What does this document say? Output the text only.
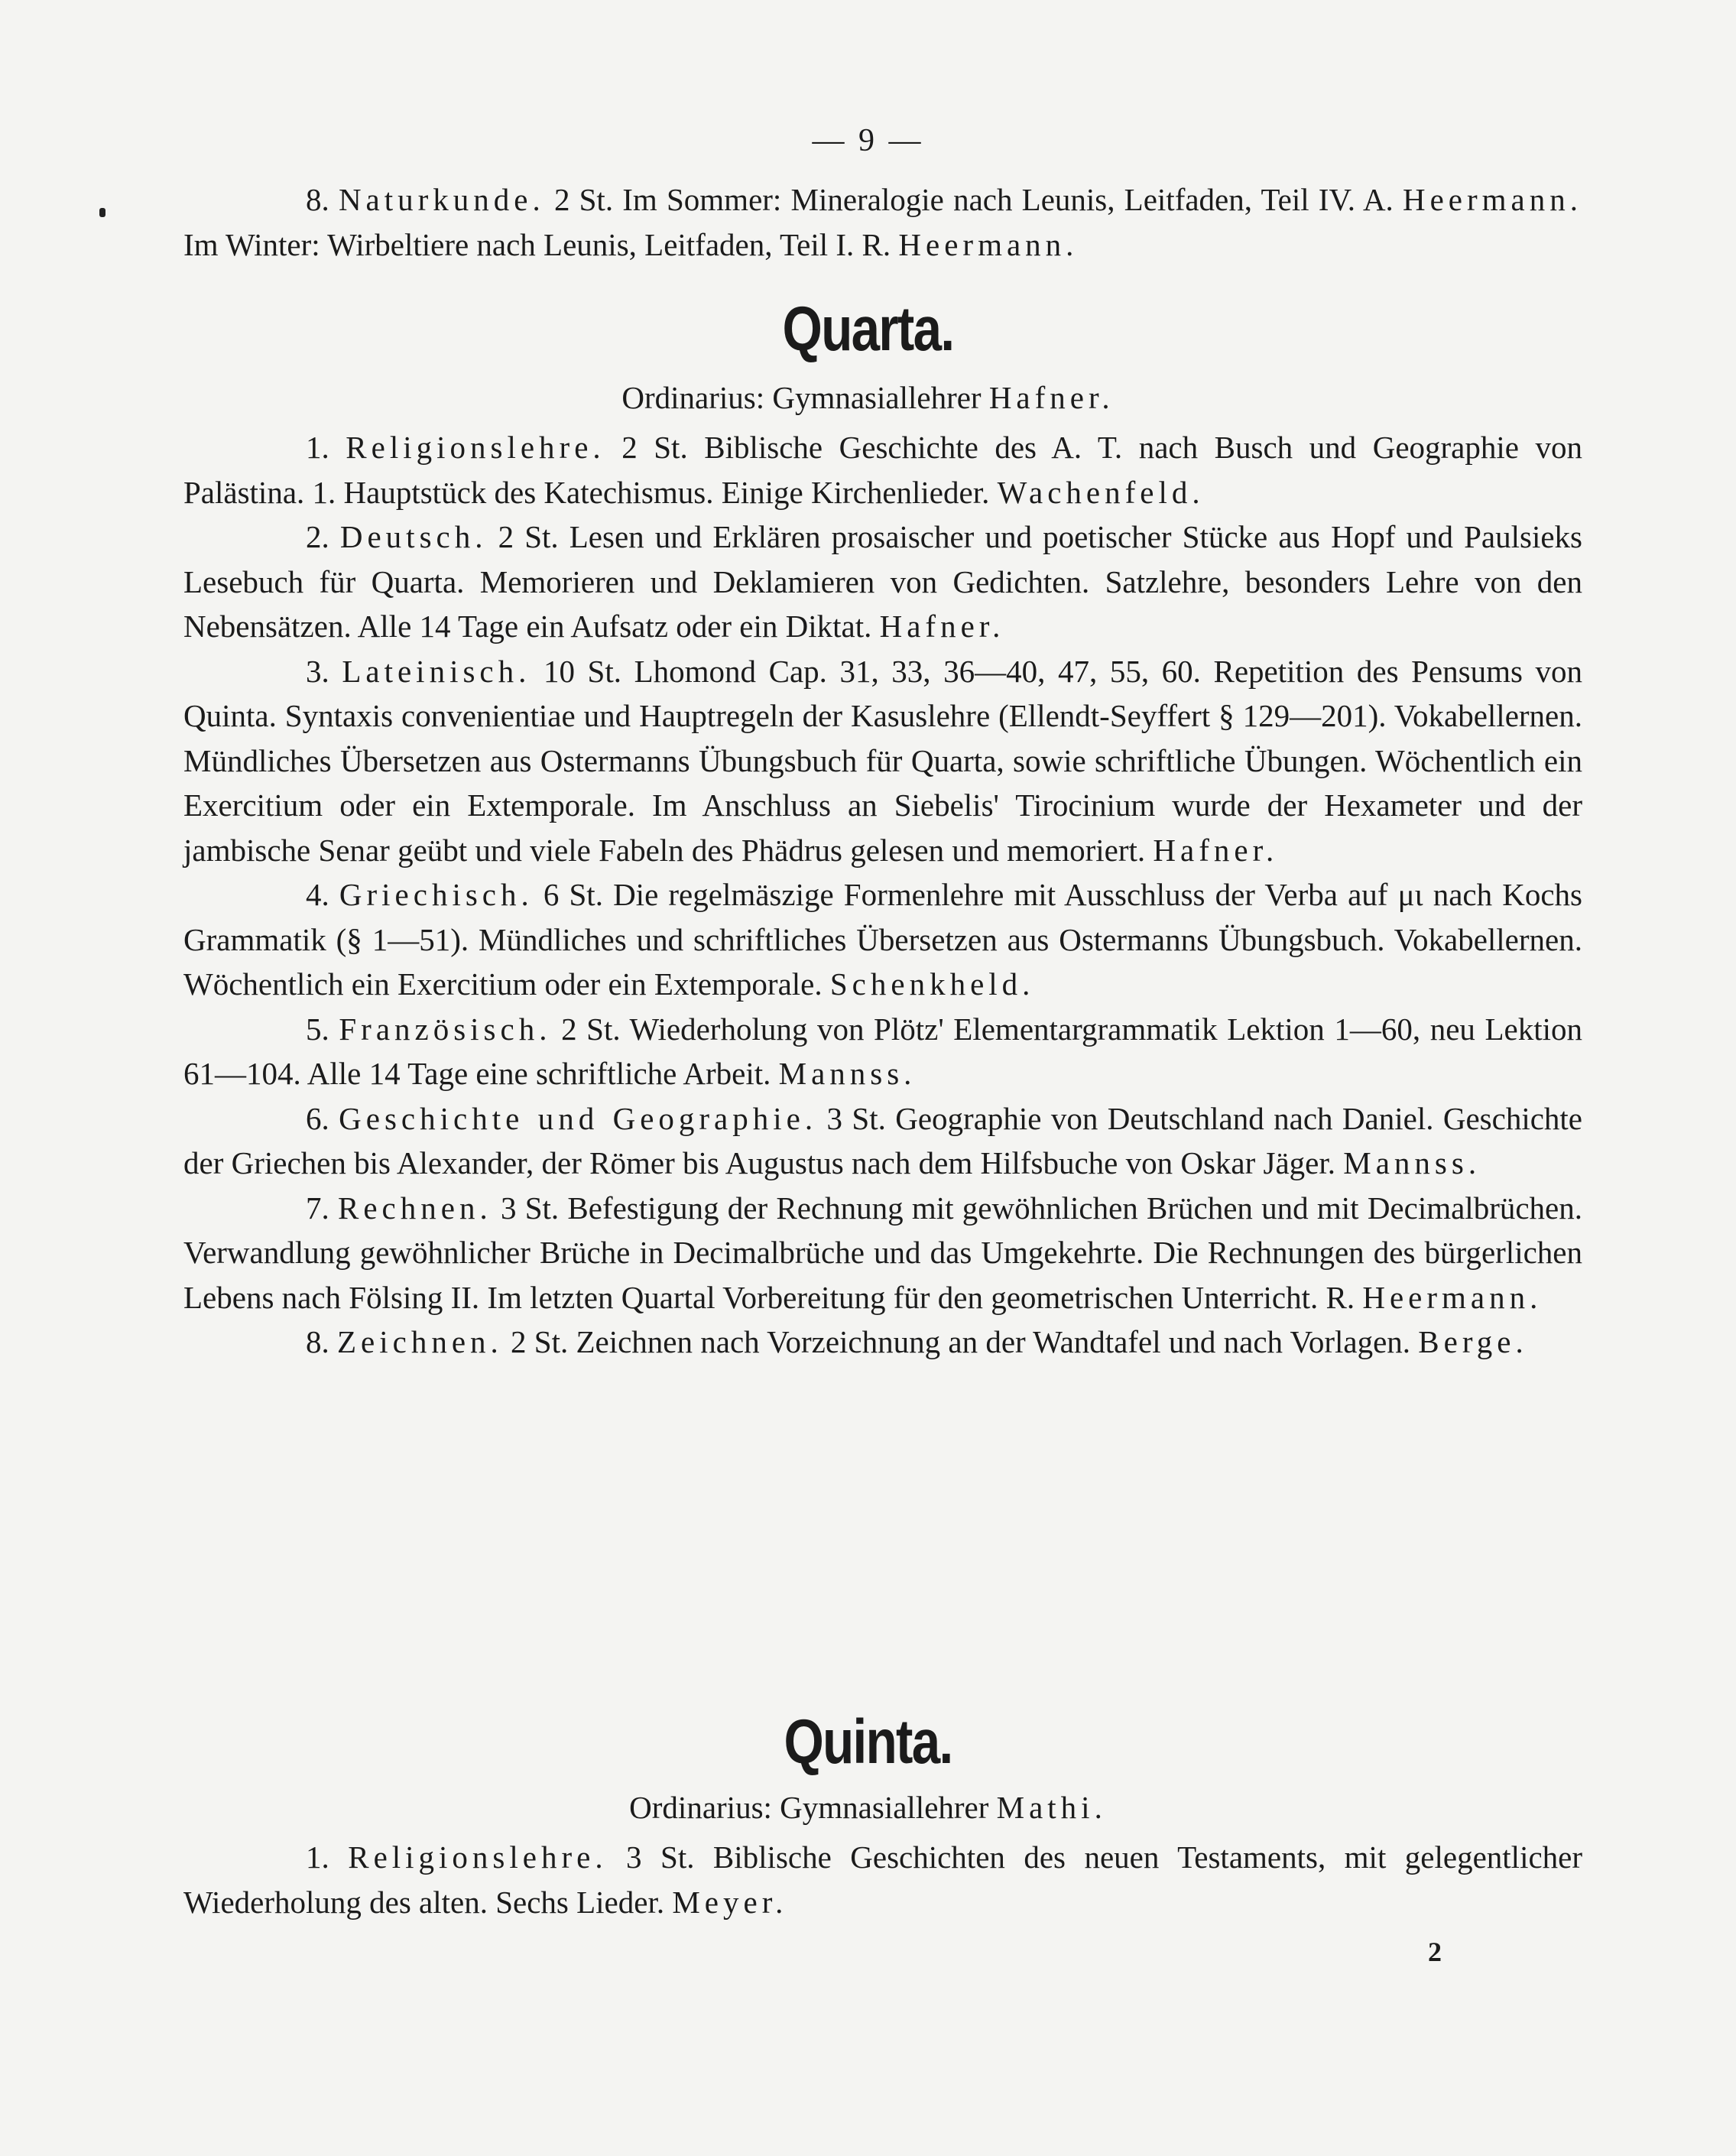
— 9 —

8. Naturkunde. 2 St. Im Sommer: Mineralogie nach Leunis, Leitfaden, Teil IV. A. Heermann. Im Winter: Wirbeltiere nach Leunis, Leitfaden, Teil I. R. Heermann.

Quarta.
Ordinarius: Gymnasiallehrer Hafner.

1. Religionslehre. 2 St. Biblische Geschichte des A. T. nach Busch und Geographie von Palästina. 1. Hauptstück des Katechismus. Einige Kirchenlieder. Wachenfeld.

2. Deutsch. 2 St. Lesen und Erklären prosaischer und poetischer Stücke aus Hopf und Paulsieks Lesebuch für Quarta. Memorieren und Deklamieren von Gedichten. Satzlehre, besonders Lehre von den Nebensätzen. Alle 14 Tage ein Aufsatz oder ein Diktat. Hafner.

3. Lateinisch. 10 St. Lhomond Cap. 31, 33, 36—40, 47, 55, 60. Repetition des Pensums von Quinta. Syntaxis convenientiae und Hauptregeln der Kasuslehre (Ellendt-Seyffert § 129—201). Vokabellernen. Mündliches Übersetzen aus Ostermanns Übungsbuch für Quarta, sowie schriftliche Übungen. Wöchentlich ein Exercitium oder ein Extemporale. Im Anschluss an Siebelis' Tirocinium wurde der Hexameter und der jambische Senar geübt und viele Fabeln des Phädrus gelesen und memoriert. Hafner.

4. Griechisch. 6 St. Die regelmäszige Formenlehre mit Ausschluss der Verba auf μι nach Kochs Grammatik (§ 1—51). Mündliches und schriftliches Übersetzen aus Ostermanns Übungsbuch. Vokabellernen. Wöchentlich ein Exercitium oder ein Extemporale. Schenkheld.

5. Französisch. 2 St. Wiederholung von Plötz' Elementargrammatik Lektion 1—60, neu Lektion 61—104. Alle 14 Tage eine schriftliche Arbeit. Mannss.

6. Geschichte und Geographie. 3 St. Geographie von Deutschland nach Daniel. Geschichte der Griechen bis Alexander, der Römer bis Augustus nach dem Hilfsbuche von Oskar Jäger. Mannss.

7. Rechnen. 3 St. Befestigung der Rechnung mit gewöhnlichen Brüchen und mit Decimalbrüchen. Verwandlung gewöhnlicher Brüche in Decimalbrüche und das Umgekehrte. Die Rechnungen des bürgerlichen Lebens nach Fölsing II. Im letzten Quartal Vorbereitung für den geometrischen Unterricht. R. Heermann.

8. Zeichnen. 2 St. Zeichnen nach Vorzeichnung an der Wandtafel und nach Vorlagen. Berge.

Quinta.
Ordinarius: Gymnasiallehrer Mathi.

1. Religionslehre. 3 St. Biblische Geschichten des neuen Testaments, mit gelegentlicher Wiederholung des alten. Sechs Lieder. Meyer.

2
